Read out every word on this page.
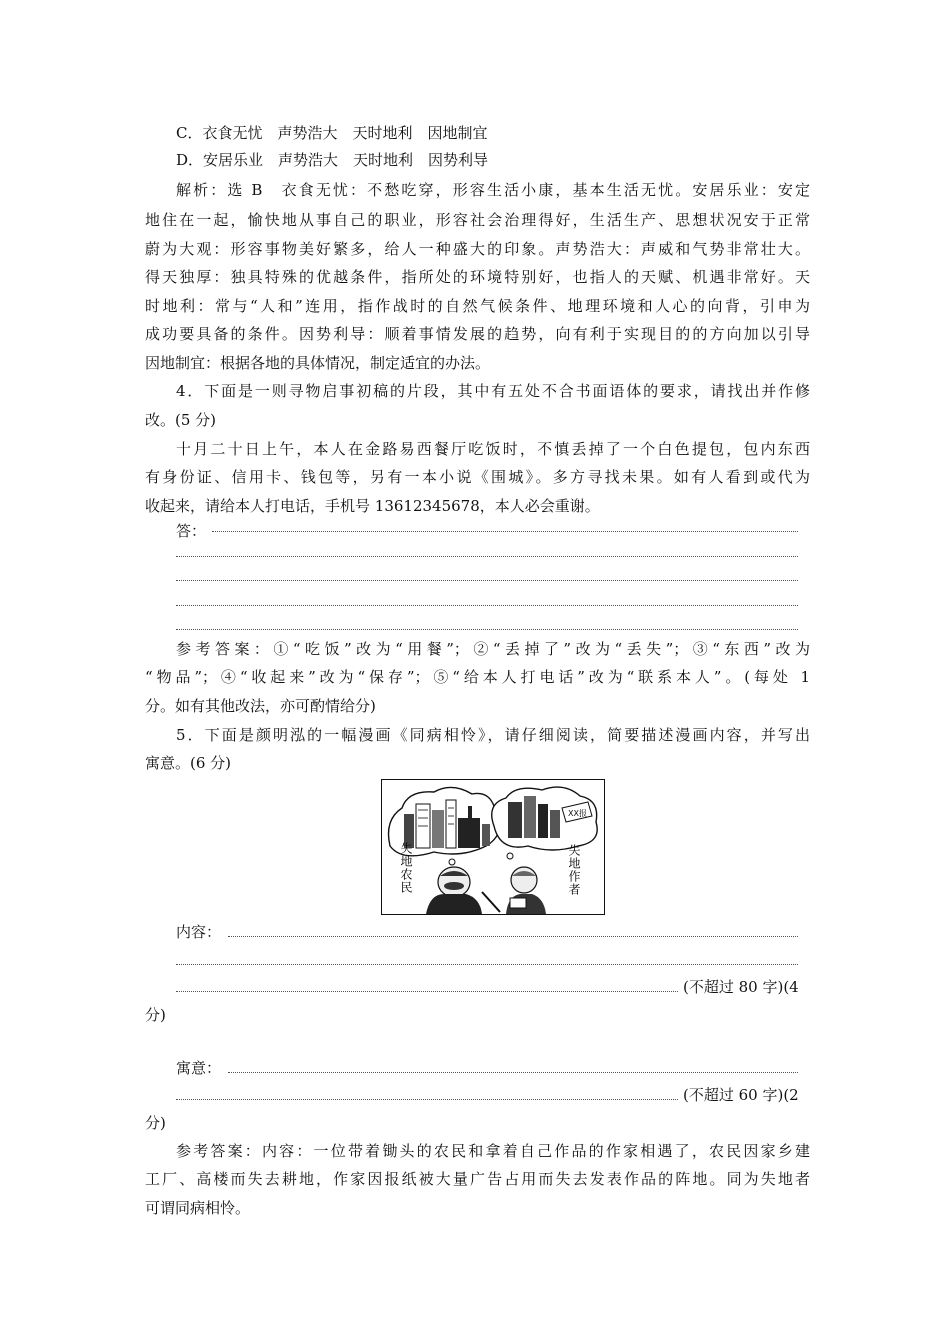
C．衣食无忧　声势浩大　天时地利　因地制宜
D．安居乐业　声势浩大　天时地利　因势利导
解析：选 B　衣食无忧：不愁吃穿，形容生活小康，基本生活无忧。安居乐业：安定
地住在一起，愉快地从事自己的职业，形容社会治理得好，生活生产、思想状况安于正常
蔚为大观：形容事物美好繁多，给人一种盛大的印象。声势浩大：声威和气势非常壮大。
得天独厚：独具特殊的优越条件，指所处的环境特别好，也指人的天赋、机遇非常好。天
时地利：常与“人和”连用，指作战时的自然气候条件、地理环境和人心的向背，引申为
成功要具备的条件。因势利导：顺着事情发展的趋势，向有利于实现目的的方向加以引导
因地制宜：根据各地的具体情况，制定适宜的办法。
4．下面是一则寻物启事初稿的片段，其中有五处不合书面语体的要求，请找出并作修
改。(5 分)
十月二十日上午，本人在金路易西餐厅吃饭时，不慎丢掉了一个白色提包，包内东西
有身份证、信用卡、钱包等，另有一本小说《围城》。多方寻找未果。如有人看到或代为
收起来，请给本人打电话，手机号 13612345678，本人必会重谢。
答：
参考答案：①“吃饭”改为“用餐”；②“丢掉了”改为“丢失”；③“东西”改为
“物品”；④“收起来”改为“保存”；⑤“给本人打电话”改为“联系本人”。(每处 1
分。如有其他改法，亦可酌情给分)
5．下面是颜明泓的一幅漫画《同病相怜》，请仔细阅读，简要描述漫画内容，并写出
寓意。(6 分)
XX报
失地农民	失地作者
内容：
(不超过 80 字)(4
分)
寓意：
(不超过 60 字)(2
分)
参考答案：内容：一位带着锄头的农民和拿着自己作品的作家相遇了，农民因家乡建
工厂、高楼而失去耕地，作家因报纸被大量广告占用而失去发表作品的阵地。同为失地者
可谓同病相怜。
